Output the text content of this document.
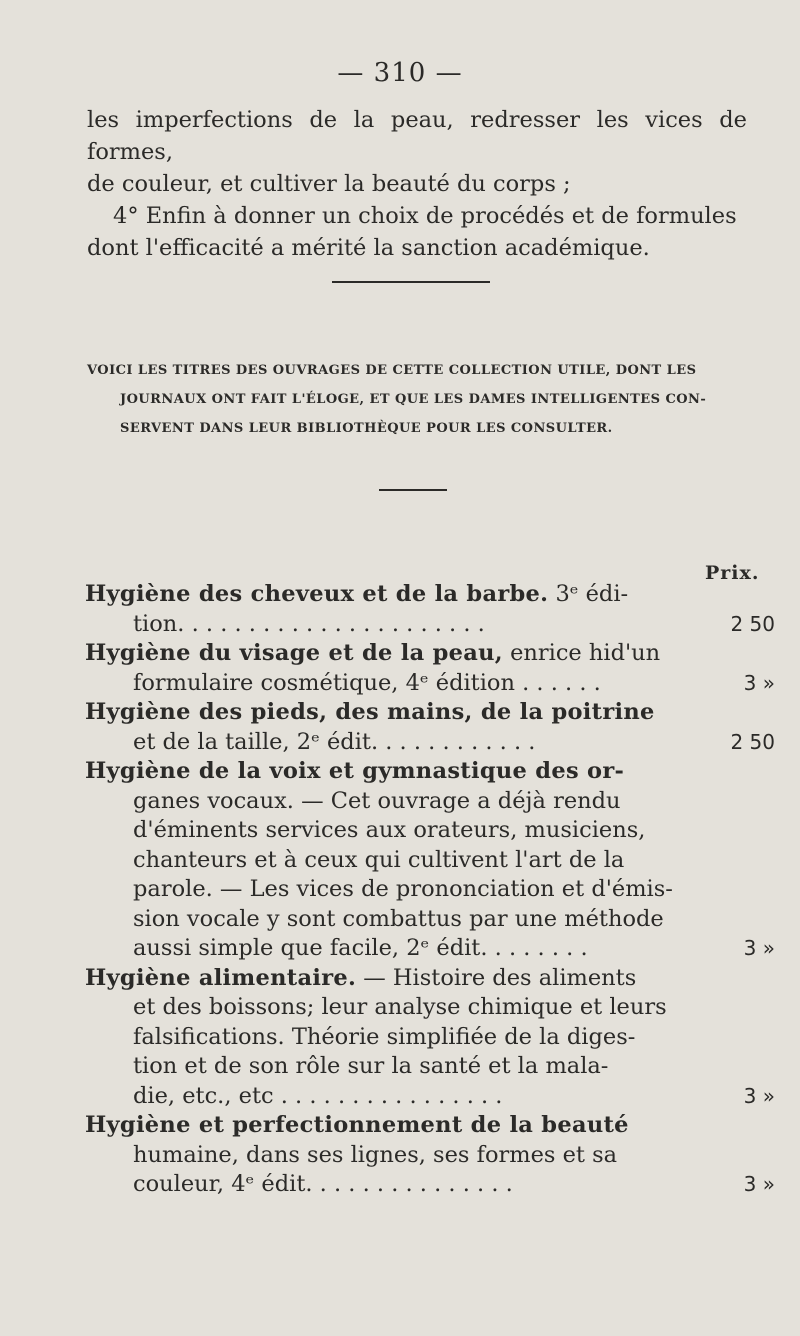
— 310 —

les imperfections de la peau, redresser les vices de formes,

de couleur, et cultiver la beauté du corps ;

4° Enfin à donner un choix de procédés et de formules

dont l'efficacité a mérité la sanction académique.

VOICI LES TITRES DES OUVRAGES DE CETTE COLLECTION UTILE, DONT LES
JOURNAUX ONT FAIT L'ÉLOGE, ET QUE LES DAMES INTELLIGENTES CON-
SERVENT DANS LEUR BIBLIOTHÈQUE POUR LES CONSULTER.
Prix.
Hygiène des cheveux et de la barbe. 3ᵉ édi-
tion. . . . . . . . . . . . . . . . . . . . . .	2 50
Hygiène du visage et de la peau, enrice hid'un
formulaire cosmétique, 4ᵉ édition . . . . . .	3 »
Hygiène des pieds, des mains, de la poitrine
et de la taille, 2ᵉ édit. . . . . . . . . . . .	2 50
Hygiène de la voix et gymnastique des or-
ganes vocaux. — Cet ouvrage a déjà rendu
d'éminents services aux orateurs, musiciens,
chanteurs et à ceux qui cultivent l'art de la
parole. — Les vices de prononciation et d'émis-
sion vocale y sont combattus par une méthode
aussi simple que facile, 2ᵉ édit. . . . . . . .	3 »
Hygiène alimentaire. — Histoire des aliments
et des boissons; leur analyse chimique et leurs
falsifications. Théorie simplifiée de la diges-
tion et de son rôle sur la santé et la mala-
die, etc., etc . . . . . . . . . . . . . . . .	3 »
Hygiène et perfectionnement de la beauté
humaine, dans ses lignes, ses formes et sa
couleur, 4ᵉ édit. . . . . . . . . . . . . . .	3 »
